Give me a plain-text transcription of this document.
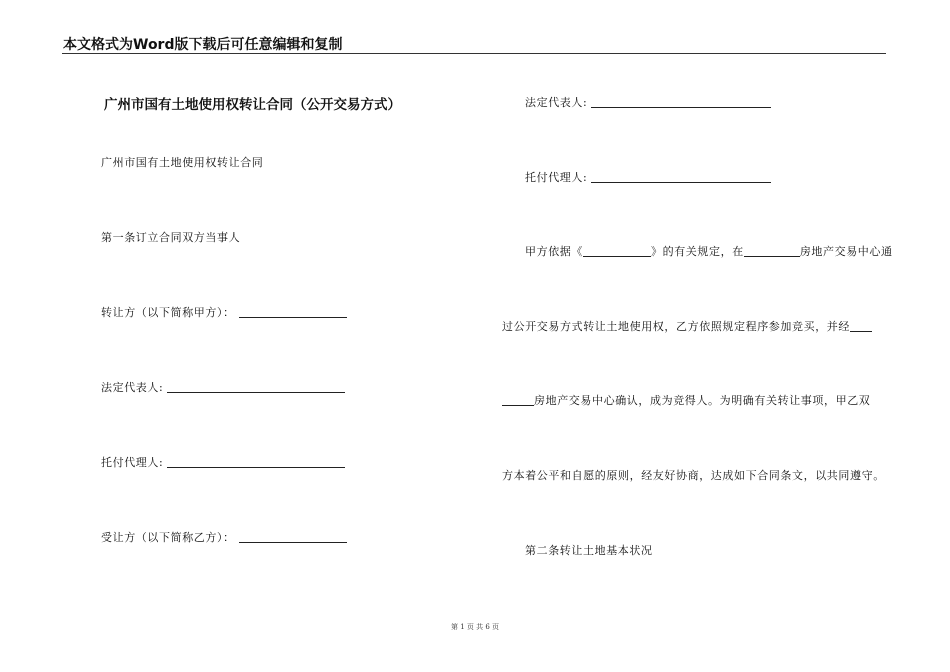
本文格式为Word版下载后可任意编辑和复制
广州市国有土地使用权转让合同（公开交易方式）
广州市国有土地使用权转让合同
第一条订立合同双方当事人
转让方（以下简称甲方）：
法定代表人:
托付代理人:
受让方（以下简称乙方）：
法定代表人:
托付代理人:
甲方依据《	》的有关规定，在	房地产交易中心通
过公开交易方式转让土地使用权，乙方依照规定程序参加竞买，并经
房地产交易中心确认，成为竞得人。为明确有关转让事项，甲乙双
方本着公平和自愿的原则，经友好协商，达成如下合同条文，以共同遵守。
第二条转让土地基本状况
第 1 页 共 6 页
